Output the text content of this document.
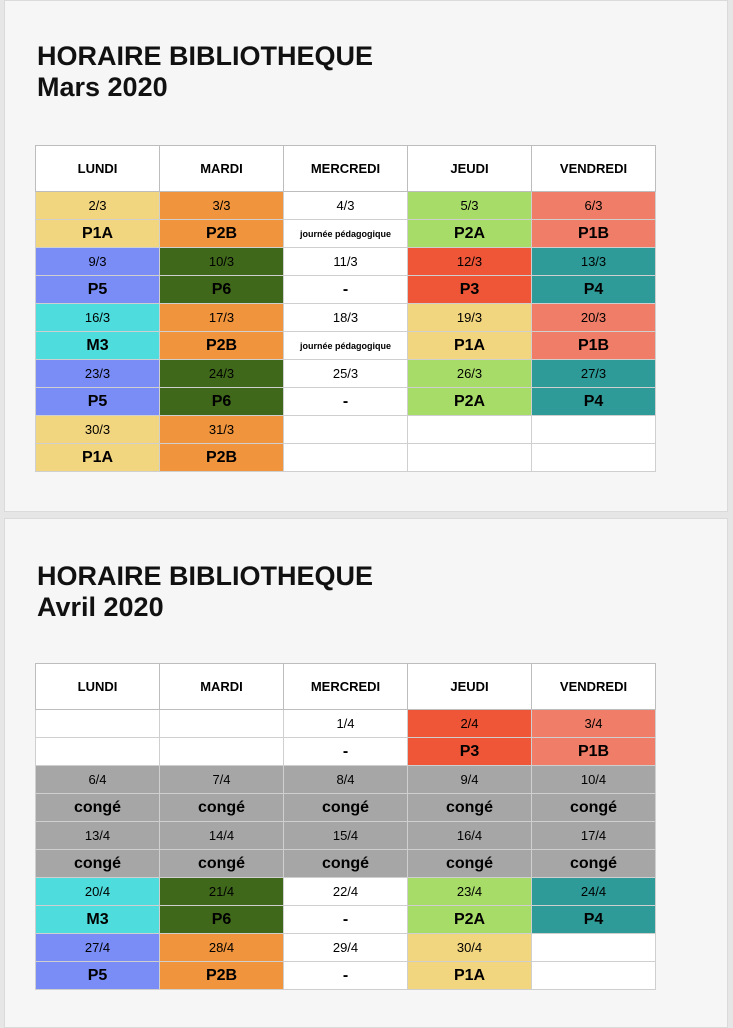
HORAIRE BIBLIOTHEQUE
Mars 2020
LUNDI	MARDI	MERCREDI	JEUDI	VENDREDI
2/3	3/3	4/3	5/3	6/3
P1A	P2B	journée pédagogique	P2A	P1B
9/3	10/3	11/3	12/3	13/3
P5	P6	-	P3	P4
16/3	17/3	18/3	19/3	20/3
M3	P2B	journée pédagogique	P1A	P1B
23/3	24/3	25/3	26/3	27/3
P5	P6	-	P2A	P4
30/3	31/3			
P1A	P2B			
HORAIRE BIBLIOTHEQUE
Avril 2020
LUNDI	MARDI	MERCREDI	JEUDI	VENDREDI
		1/4	2/4	3/4
		-	P3	P1B
6/4	7/4	8/4	9/4	10/4
congé	congé	congé	congé	congé
13/4	14/4	15/4	16/4	17/4
congé	congé	congé	congé	congé
20/4	21/4	22/4	23/4	24/4
M3	P6	-	P2A	P4
27/4	28/4	29/4	30/4	
P5	P2B	-	P1A	
